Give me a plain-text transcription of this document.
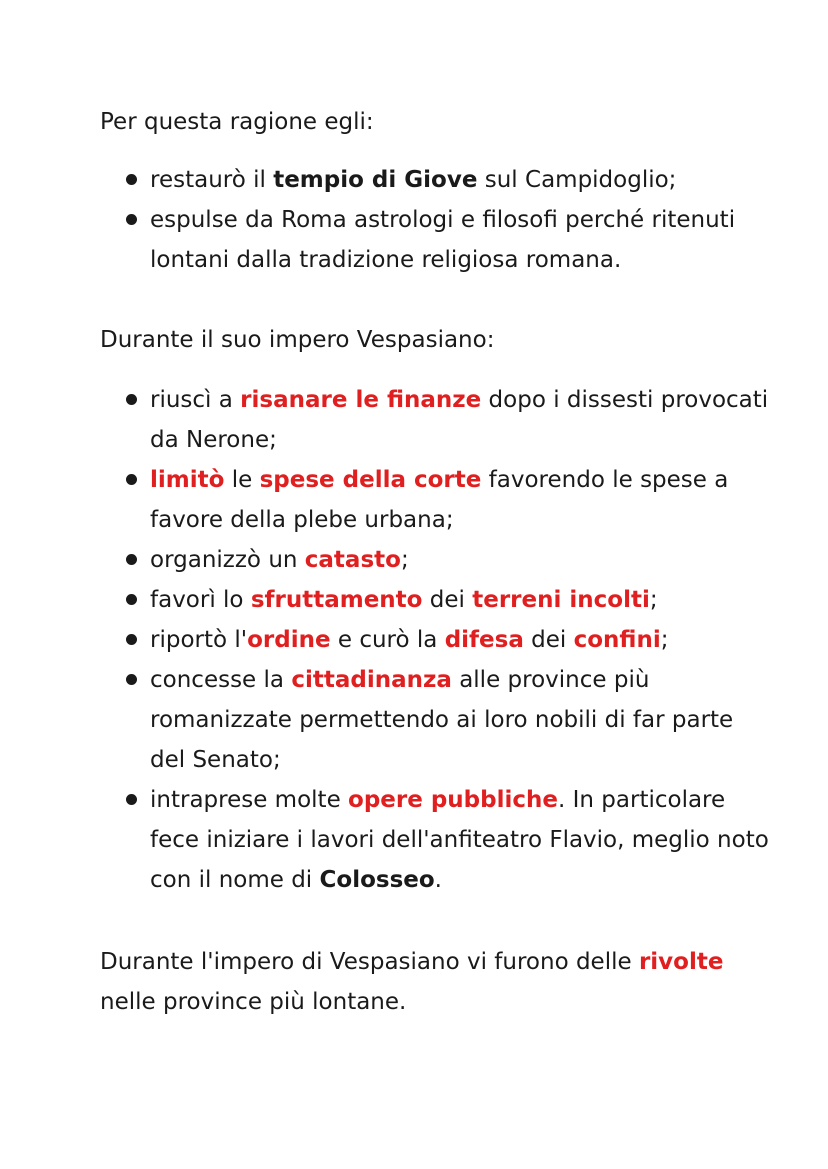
Per questa ragione egli:

restaurò il tempio di Giove sul Campidoglio;
espulse da Roma astrologi e filosofi perché ritenuti lontani dalla tradizione religiosa romana.

Durante il suo impero Vespasiano:

riuscì a risanare le finanze dopo i dissesti provocati da Nerone;
limitò le spese della corte favorendo le spese a favore della plebe urbana;
organizzò un catasto;
favorì lo sfruttamento dei terreni incolti;
riportò l'ordine e curò la difesa dei confini;
concesse la cittadinanza alle province più romanizzate permettendo ai loro nobili di far parte del Senato;
intraprese molte opere pubbliche. In particolare fece iniziare i lavori dell'anfiteatro Flavio, meglio noto con il nome di Colosseo.

Durante l'impero di Vespasiano vi furono delle rivolte nelle province più lontane.
